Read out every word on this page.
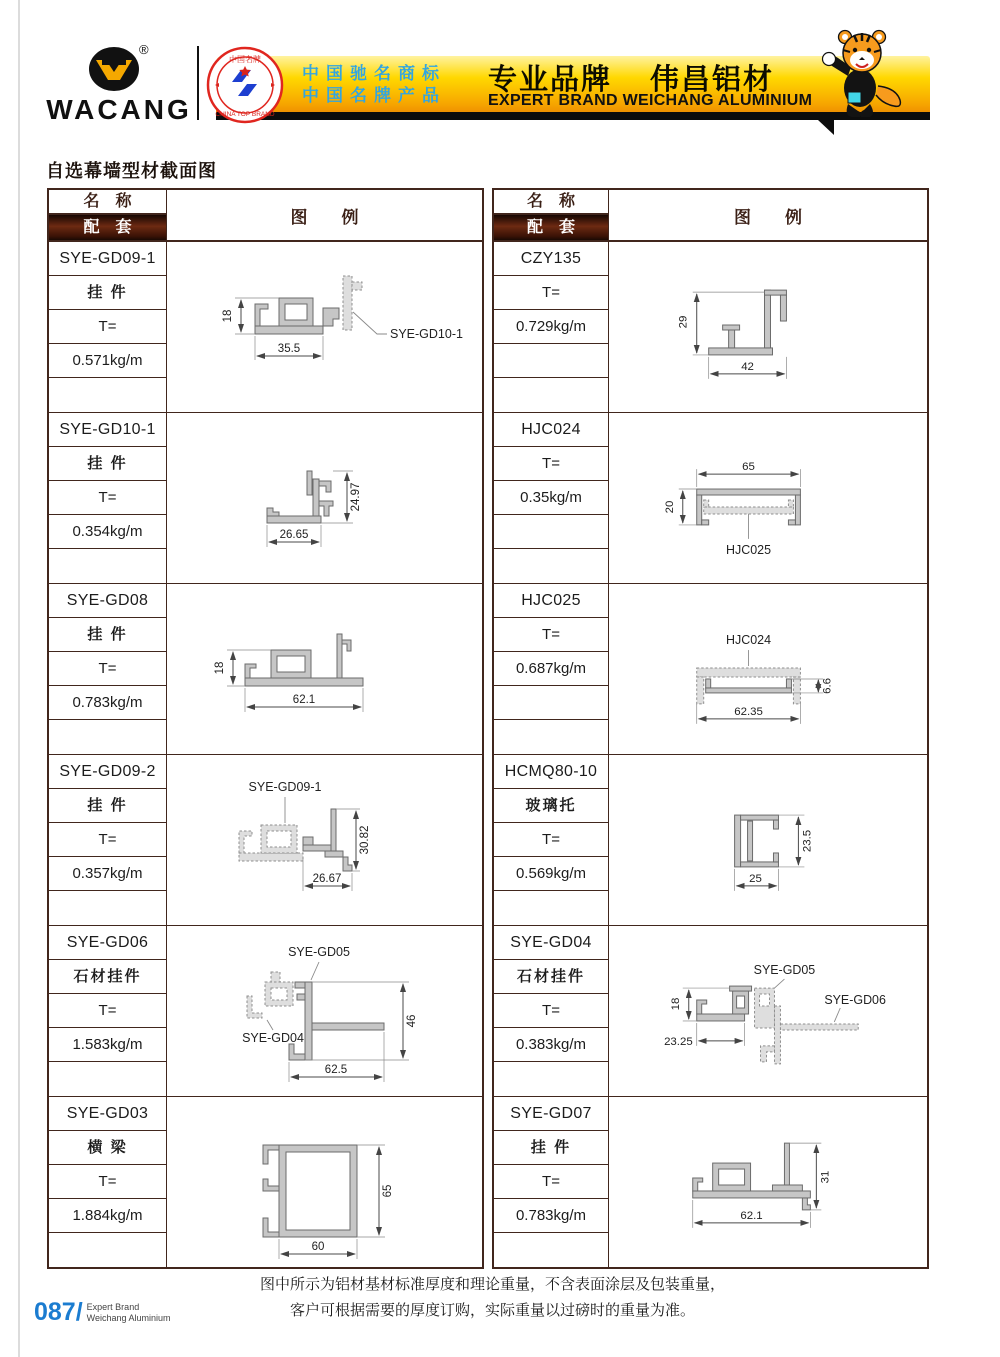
®
WACANG
中国驰名商标
中国名牌产品 专业品牌 伟昌铝材
EXPERT BRAND WEICHANG ALUMINIUM
中国名牌
CHINA TOP BRAND
自选幕墙型材截面图
名　称
配　套
图　　例
SYE-GD09-1
挂 件
T=
0.571kg/m
18
35.5
SYE-GD10-1
SYE-GD10-1
挂 件
T=
0.354kg/m
24.97
26.65
SYE-GD08
挂 件
T=
0.783kg/m
18
62.1
SYE-GD09-2
挂 件
T=
0.357kg/m
SYE-GD09-1
30.82
26.67
SYE-GD06
石材挂件
T=
1.583kg/m
SYE-GD05
SYE-GD04
46
62.5
SYE-GD03
横 梁
T=
1.884kg/m
65
60
名　称
配　套
图　　例
CZY135
T=
0.729kg/m	29
42
HJC024
T=
0.35kg/m
65
20
HJC025
HJC025
T=
0.687kg/m
HJC024
6.6
62.35
HCMQ80-10
玻璃托
T=
0.569kg/m
23.5
25
SYE-GD04
石材挂件
T=
0.383kg/m
SYE-GD05
SYE-GD06
18
23.25
SYE-GD07
挂 件
T=
0.783kg/m
31
62.1
图中所示为铝材基材标准厚度和理论重量，不含表面涂层及包装重量，
客户可根据需要的厚度订购，实际重量以过磅时的重量为准。
087/ Expert Brand
Weichang Aluminium
